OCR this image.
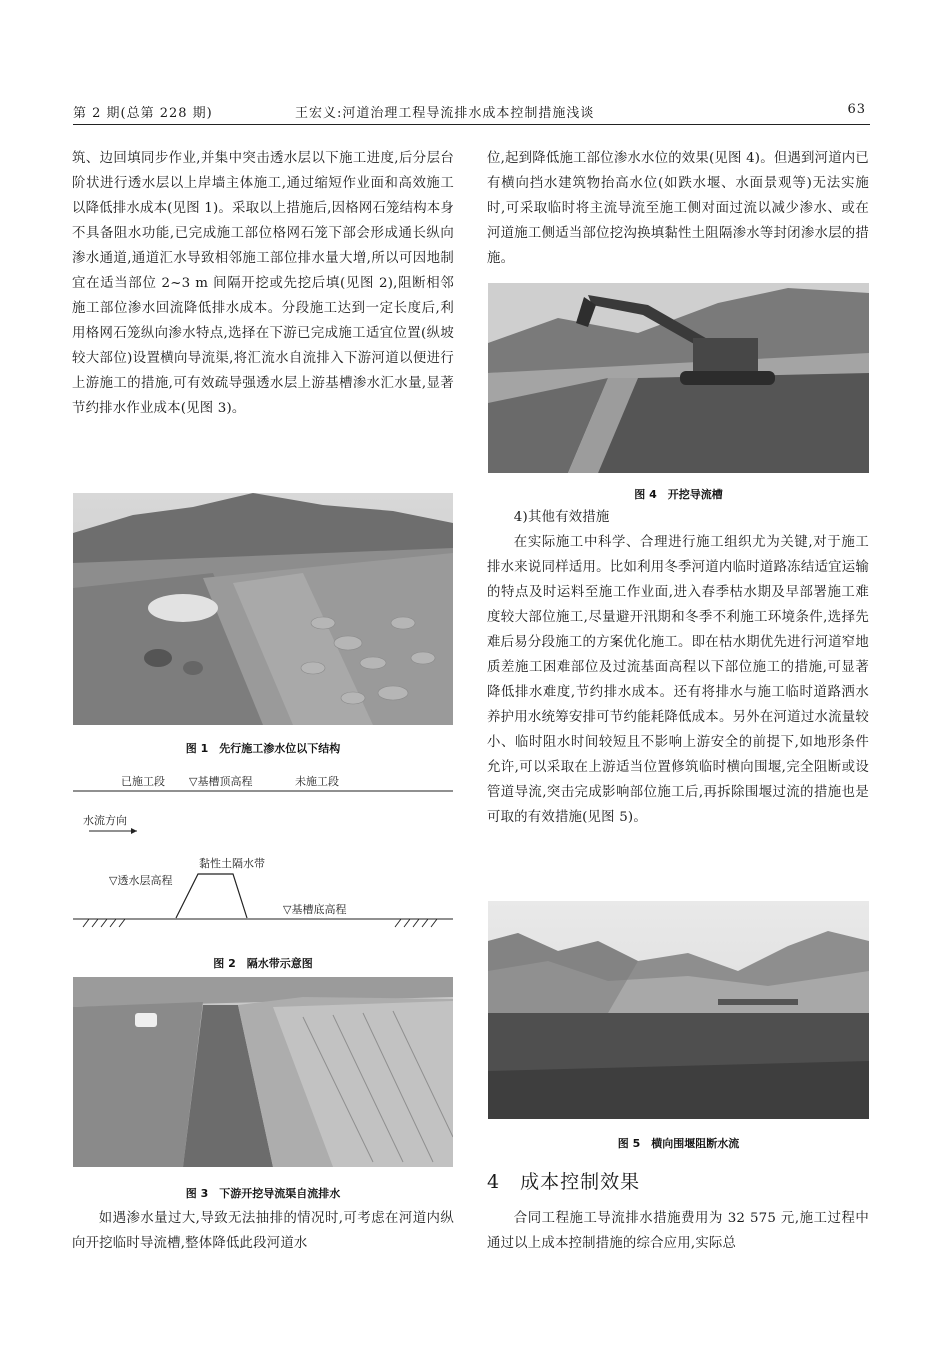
第 2 期(总第 228 期)	王宏义:河道治理工程导流排水成本控制措施浅谈	63

筑、边回填同步作业,并集中突击透水层以下施工进度,后分层台阶状进行透水层以上岸墙主体施工,通过缩短作业面和高效施工以降低排水成本(见图 1)。采取以上措施后,因格网石笼结构本身不具备阻水功能,已完成施工部位格网石笼下部会形成通长纵向渗水通道,通道汇水导致相邻施工部位排水量大增,所以可因地制宜在适当部位 2~3 m 间隔开挖或先挖后填(见图 2),阻断相邻施工部位渗水回流降低排水成本。分段施工达到一定长度后,利用格网石笼纵向渗水特点,选择在下游已完成施工适宜位置(纵坡较大部位)设置横向导流渠,将汇流水自流排入下游河道以便进行上游施工的措施,可有效疏导强透水层上游基槽渗水汇水量,显著节约排水作业成本(见图 3)。

图 1　先行施工渗水位以下结构
已施工段 ▽基槽顶高程	未施工段
水流方向
黏性土隔水带
▽透水层高程
▽基槽底高程
图 2　隔水带示意图
图 3　下游开挖导流渠自流排水

如遇渗水量过大,导致无法抽排的情况时,可考虑在河道内纵向开挖临时导流槽,整体降低此段河道水

位,起到降低施工部位渗水水位的效果(见图 4)。但遇到河道内已有横向挡水建筑物抬高水位(如跌水堰、水面景观等)无法实施时,可采取临时将主流导流至施工侧对面过流以减少渗水、或在河道施工侧适当部位挖沟换填黏性土阻隔渗水等封闭渗水层的措施。

图 4　开挖导流槽

4)其他有效措施

在实际施工中科学、合理进行施工组织尤为关键,对于施工排水来说同样适用。比如利用冬季河道内临时道路冻结适宜运输的特点及时运料至施工作业面,进入春季枯水期及早部署施工难度较大部位施工,尽量避开汛期和冬季不利施工环境条件,选择先难后易分段施工的方案优化施工。即在枯水期优先进行河道窄地质差施工困难部位及过流基面高程以下部位施工的措施,可显著降低排水难度,节约排水成本。还有将排水与施工临时道路洒水养护用水统筹安排可节约能耗降低成本。另外在河道过水流量较小、临时阻水时间较短且不影响上游安全的前提下,如地形条件允许,可以采取在上游适当位置修筑临时横向围堰,完全阻断或设管道导流,突击完成影响部位施工后,再拆除围堰过流的措施也是可取的有效措施(见图 5)。

图 5　横向围堰阻断水流
4　成本控制效果

合同工程施工导流排水措施费用为 32 575 元,施工过程中通过以上成本控制措施的综合应用,实际总
